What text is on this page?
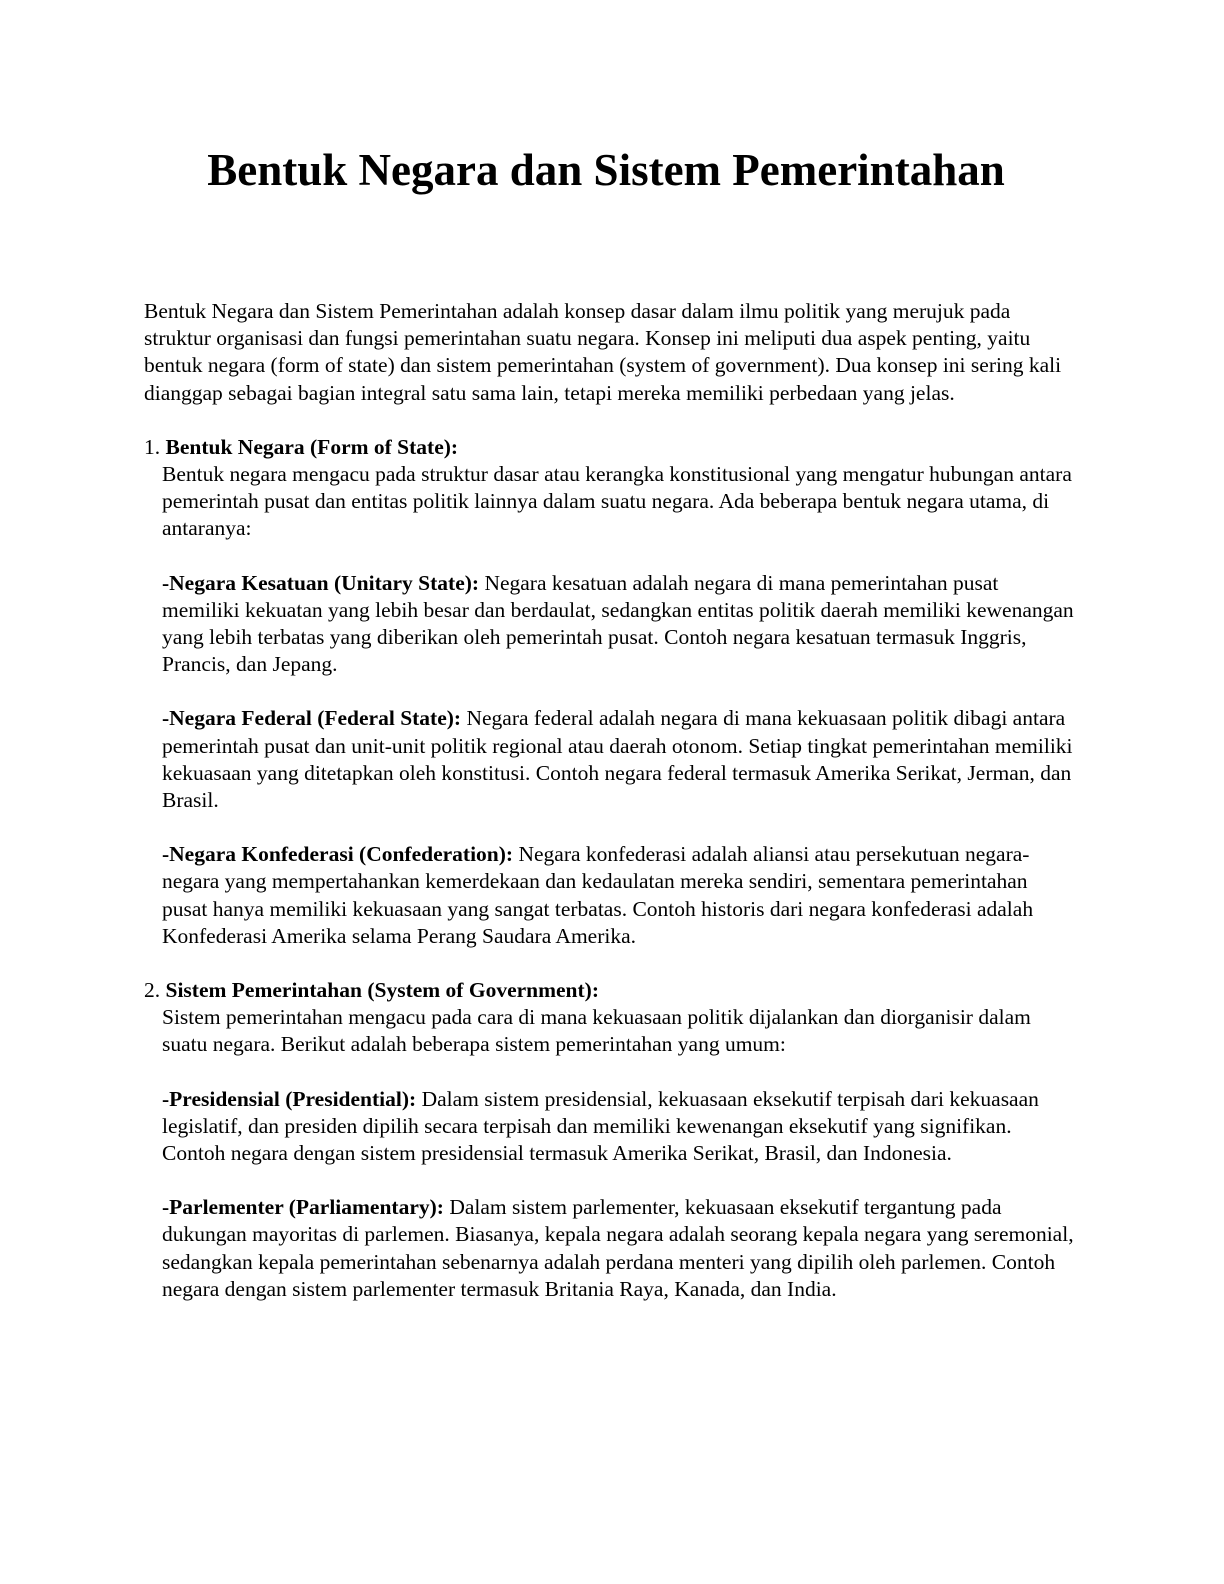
Bentuk Negara dan Sistem Pemerintahan

Bentuk Negara dan Sistem Pemerintahan adalah konsep dasar dalam ilmu politik yang merujuk pada struktur organisasi dan fungsi pemerintahan suatu negara. Konsep ini meliputi dua aspek penting, yaitu bentuk negara (form of state) dan sistem pemerintahan (system of government). Dua konsep ini sering kali dianggap sebagai bagian integral satu sama lain, tetapi mereka memiliki perbedaan yang jelas.

1. Bentuk Negara (Form of State):

Bentuk negara mengacu pada struktur dasar atau kerangka konstitusional yang mengatur hubungan antara pemerintah pusat dan entitas politik lainnya dalam suatu negara. Ada beberapa bentuk negara utama, di antaranya:

-Negara Kesatuan (Unitary State): Negara kesatuan adalah negara di mana pemerintahan pusat memiliki kekuatan yang lebih besar dan berdaulat, sedangkan entitas politik daerah memiliki kewenangan yang lebih terbatas yang diberikan oleh pemerintah pusat. Contoh negara kesatuan termasuk Inggris, Prancis, dan Jepang.

-Negara Federal (Federal State): Negara federal adalah negara di mana kekuasaan politik dibagi antara pemerintah pusat dan unit-unit politik regional atau daerah otonom. Setiap tingkat pemerintahan memiliki kekuasaan yang ditetapkan oleh konstitusi. Contoh negara federal termasuk Amerika Serikat, Jerman, dan Brasil.

-Negara Konfederasi (Confederation): Negara konfederasi adalah aliansi atau persekutuan negara-negara yang mempertahankan kemerdekaan dan kedaulatan mereka sendiri, sementara pemerintahan pusat hanya memiliki kekuasaan yang sangat terbatas. Contoh historis dari negara konfederasi adalah Konfederasi Amerika selama Perang Saudara Amerika.

2. Sistem Pemerintahan (System of Government):

Sistem pemerintahan mengacu pada cara di mana kekuasaan politik dijalankan dan diorganisir dalam suatu negara. Berikut adalah beberapa sistem pemerintahan yang umum:

-Presidensial (Presidential): Dalam sistem presidensial, kekuasaan eksekutif terpisah dari kekuasaan legislatif, dan presiden dipilih secara terpisah dan memiliki kewenangan eksekutif yang signifikan. Contoh negara dengan sistem presidensial termasuk Amerika Serikat, Brasil, dan Indonesia.

-Parlementer (Parliamentary): Dalam sistem parlementer, kekuasaan eksekutif tergantung pada dukungan mayoritas di parlemen. Biasanya, kepala negara adalah seorang kepala negara yang seremonial, sedangkan kepala pemerintahan sebenarnya adalah perdana menteri yang dipilih oleh parlemen. Contoh negara dengan sistem parlementer termasuk Britania Raya, Kanada, dan India.
